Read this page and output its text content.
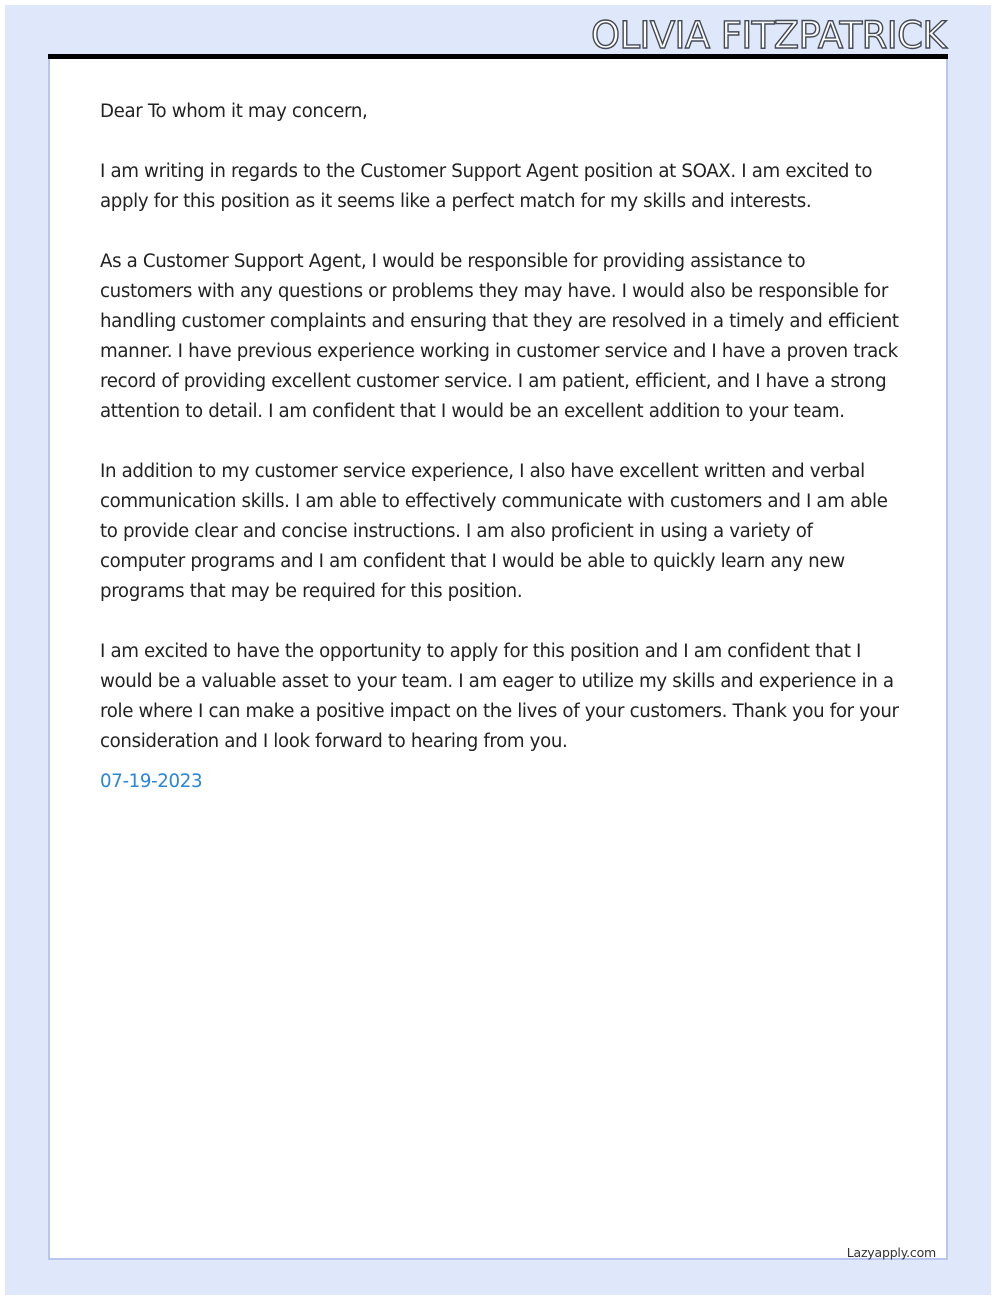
OLIVIA FITZPATRICK

Dear To whom it may concern,

I am writing in regards to the Customer Support Agent position at SOAX. I am excited to apply for this position as it seems like a perfect match for my skills and interests.

As a Customer Support Agent, I would be responsible for providing assistance to customers with any questions or problems they may have. I would also be responsible for handling customer complaints and ensuring that they are resolved in a timely and efficient manner. I have previous experience working in customer service and I have a proven track record of providing excellent customer service. I am patient, efficient, and I have a strong attention to detail. I am confident that I would be an excellent addition to your team.

In addition to my customer service experience, I also have excellent written and verbal communication skills. I am able to effectively communicate with customers and I am able to provide clear and concise instructions. I am also proficient in using a variety of computer programs and I am confident that I would be able to quickly learn any new programs that may be required for this position.

I am excited to have the opportunity to apply for this position and I am confident that I would be a valuable asset to your team. I am eager to utilize my skills and experience in a role where I can make a positive impact on the lives of your customers. Thank you for your consideration and I look forward to hearing from you.

07-19-2023
Lazyapply.com
